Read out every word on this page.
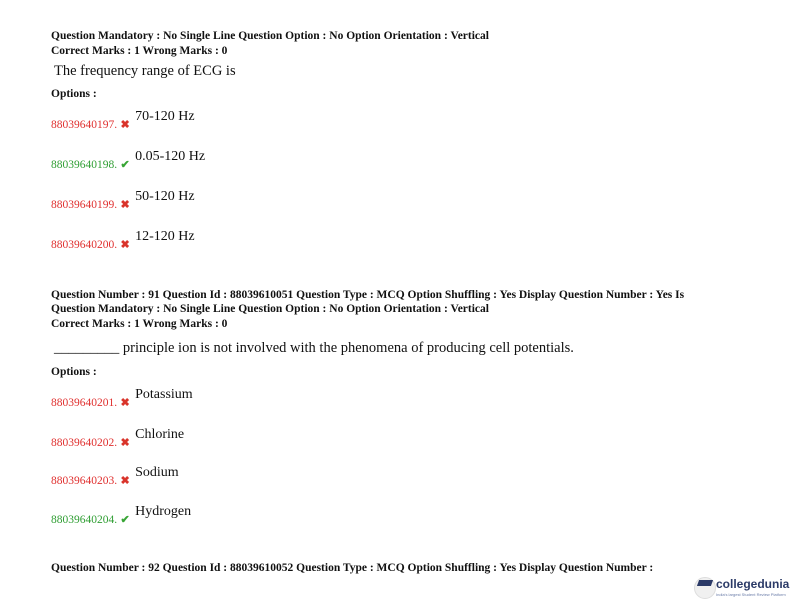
Question Mandatory : No Single Line Question Option : No Option Orientation : Vertical
Correct Marks : 1 Wrong Marks : 0
The frequency range of ECG is
Options :
88039640197. ✖70-120 Hz
88039640198. ✔0.05-120 Hz
88039640199. ✖50-120 Hz
88039640200. ✖12-120 Hz
Question Number : 91 Question Id : 88039610051 Question Type : MCQ Option Shuffling : Yes Display Question Number : Yes Is
Question Mandatory : No Single Line Question Option : No Option Orientation : Vertical
Correct Marks : 1 Wrong Marks : 0
_________ principle ion is not involved with the phenomena of producing cell potentials.
Options :
88039640201. ✖Potassium
88039640202. ✖Chlorine
88039640203. ✖Sodium
88039640204. ✔Hydrogen
Question Number : 92 Question Id : 88039610052 Question Type : MCQ Option Shuffling : Yes Display Question Number :
collegedunia
India's largest Student Review Platform
